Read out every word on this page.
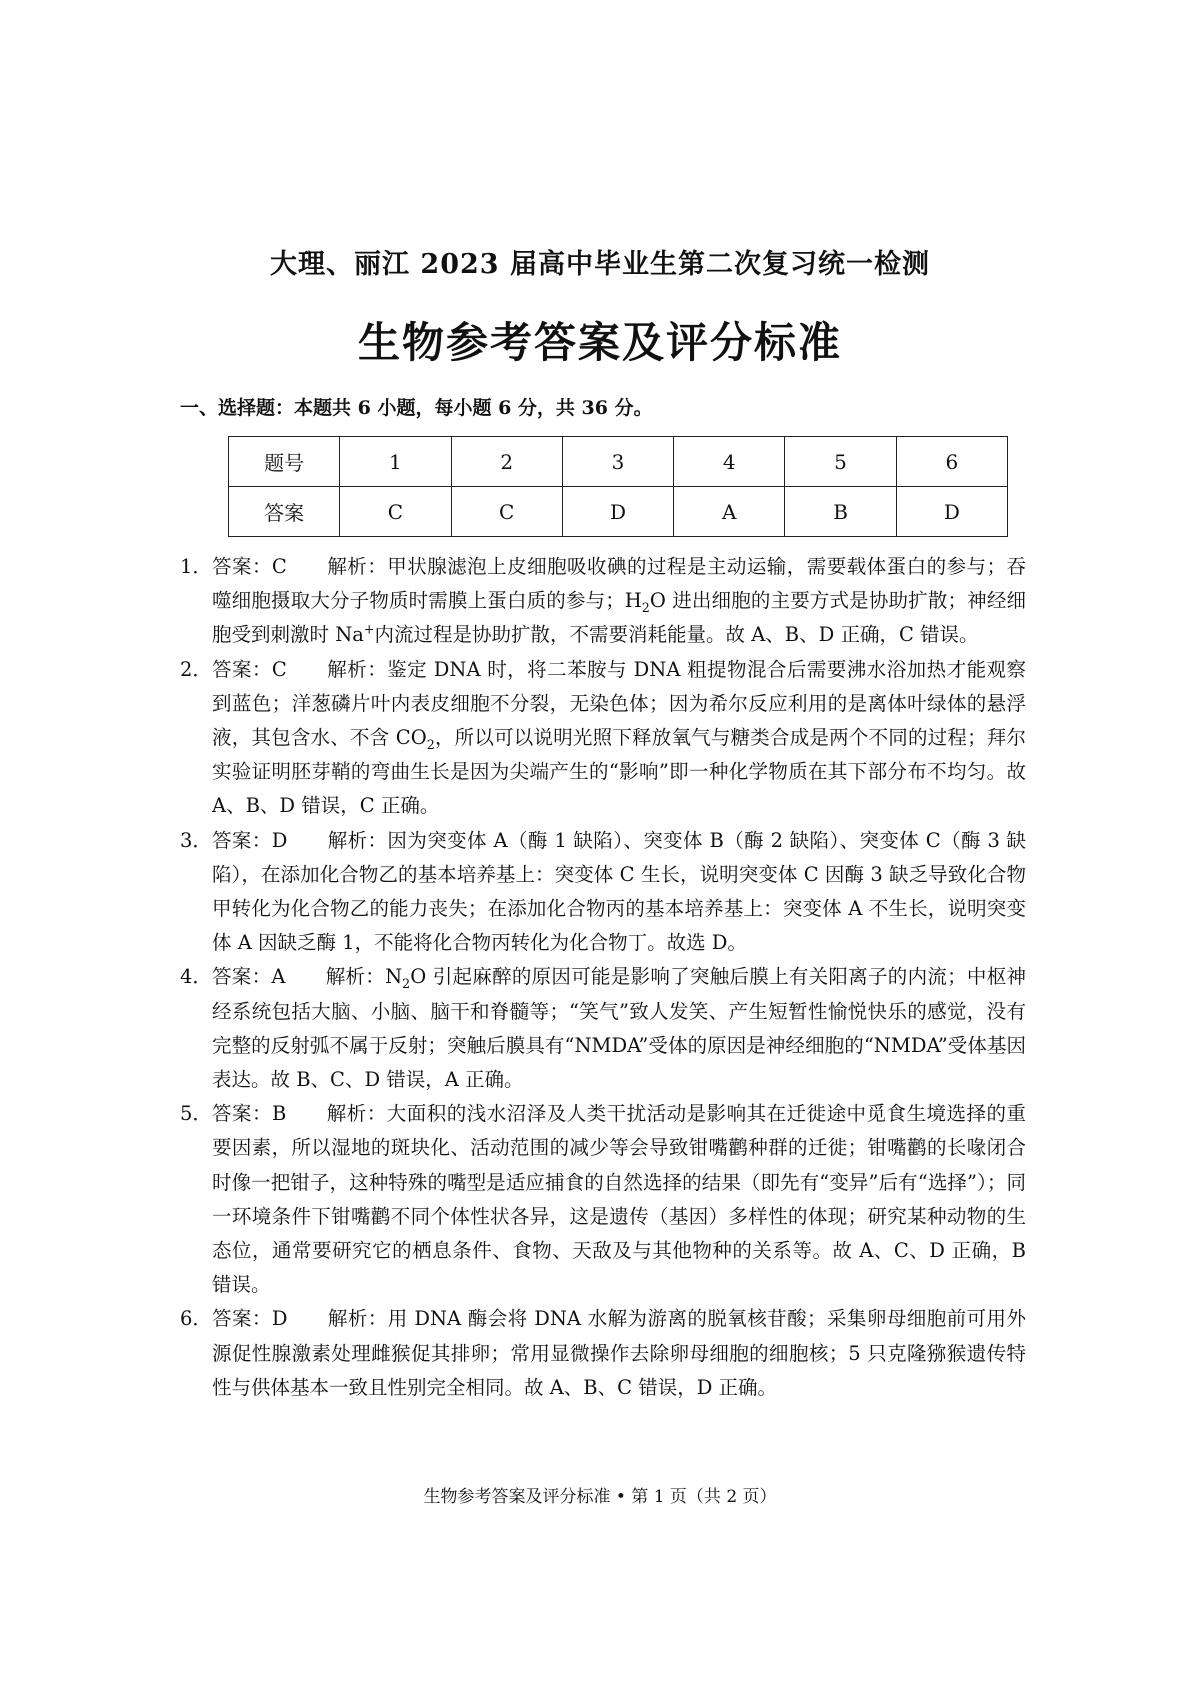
大理、丽江 2023 届高中毕业生第二次复习统一检测
生物参考答案及评分标准
一、选择题：本题共 6 小题，每小题 6 分，共 36 分。
题号	1	2	3	4	5	6
答案	C	C	D	A	B	D
1． 答案：C 解析：甲状腺滤泡上皮细胞吸收碘的过程是主动运输，需要载体蛋白的参与；吞噬细胞摄取大分子物质时需膜上蛋白质的参与；$H_2O$ 进出细胞的主要方式是协助扩散；神经细胞受到刺激时 Na+内流过程是协助扩散，不需要消耗能量。故 A、B、D 正确，C 错误。
2． 答案：C 解析：鉴定 DNA 时，将二苯胺与 DNA 粗提物混合后需要沸水浴加热才能观察到蓝色；洋葱磷片叶内表皮细胞不分裂，无染色体；因为希尔反应利用的是离体叶绿体的悬浮液，其包含水、不含 $CO_2$，所以可以说明光照下释放氧气与糖类合成是两个不同的过程；拜尔实验证明胚芽鞘的弯曲生长是因为尖端产生的“影响”即一种化学物质在其下部分布不均匀。故 A、B、D 错误，C 正确。
3． 答案：D 解析：因为突变体 A（酶 1 缺陷）、突变体 B（酶 2 缺陷）、突变体 C（酶 3 缺陷），在添加化合物乙的基本培养基上：突变体 C 生长，说明突变体 C 因酶 3 缺乏导致化合物甲转化为化合物乙的能力丧失；在添加化合物丙的基本培养基上：突变体 A 不生长，说明突变体 A 因缺乏酶 1，不能将化合物丙转化为化合物丁。故选 D。
4． 答案：A 解析：$N_2O$ 引起麻醉的原因可能是影响了突触后膜上有关阳离子的内流；中枢神经系统包括大脑、小脑、脑干和脊髓等；“笑气”致人发笑、产生短暂性愉悦快乐的感觉，没有完整的反射弧不属于反射；突触后膜具有“NMDA”受体的原因是神经细胞的“NMDA”受体基因表达。故 B、C、D 错误，A 正确。
5． 答案：B 解析：大面积的浅水沼泽及人类干扰活动是影响其在迁徙途中觅食生境选择的重要因素，所以湿地的斑块化、活动范围的减少等会导致钳嘴鹳种群的迁徙；钳嘴鹳的长喙闭合时像一把钳子，这种特殊的嘴型是适应捕食的自然选择的结果（即先有“变异”后有“选择”）；同一环境条件下钳嘴鹳不同个体性状各异，这是遗传（基因）多样性的体现；研究某种动物的生态位，通常要研究它的栖息条件、食物、天敌及与其他物种的关系等。故 A、C、D 正确，B 错误。
6． 答案：D 解析：用 DNA 酶会将 DNA 水解为游离的脱氧核苷酸；采集卵母细胞前可用外源促性腺激素处理雌猴促其排卵；常用显微操作去除卵母细胞的细胞核；5 只克隆猕猴遗传特性与供体基本一致且性别完全相同。故 A、B、C 错误，D 正确。
生物参考答案及评分标准 • 第 1 页（共 2 页）
